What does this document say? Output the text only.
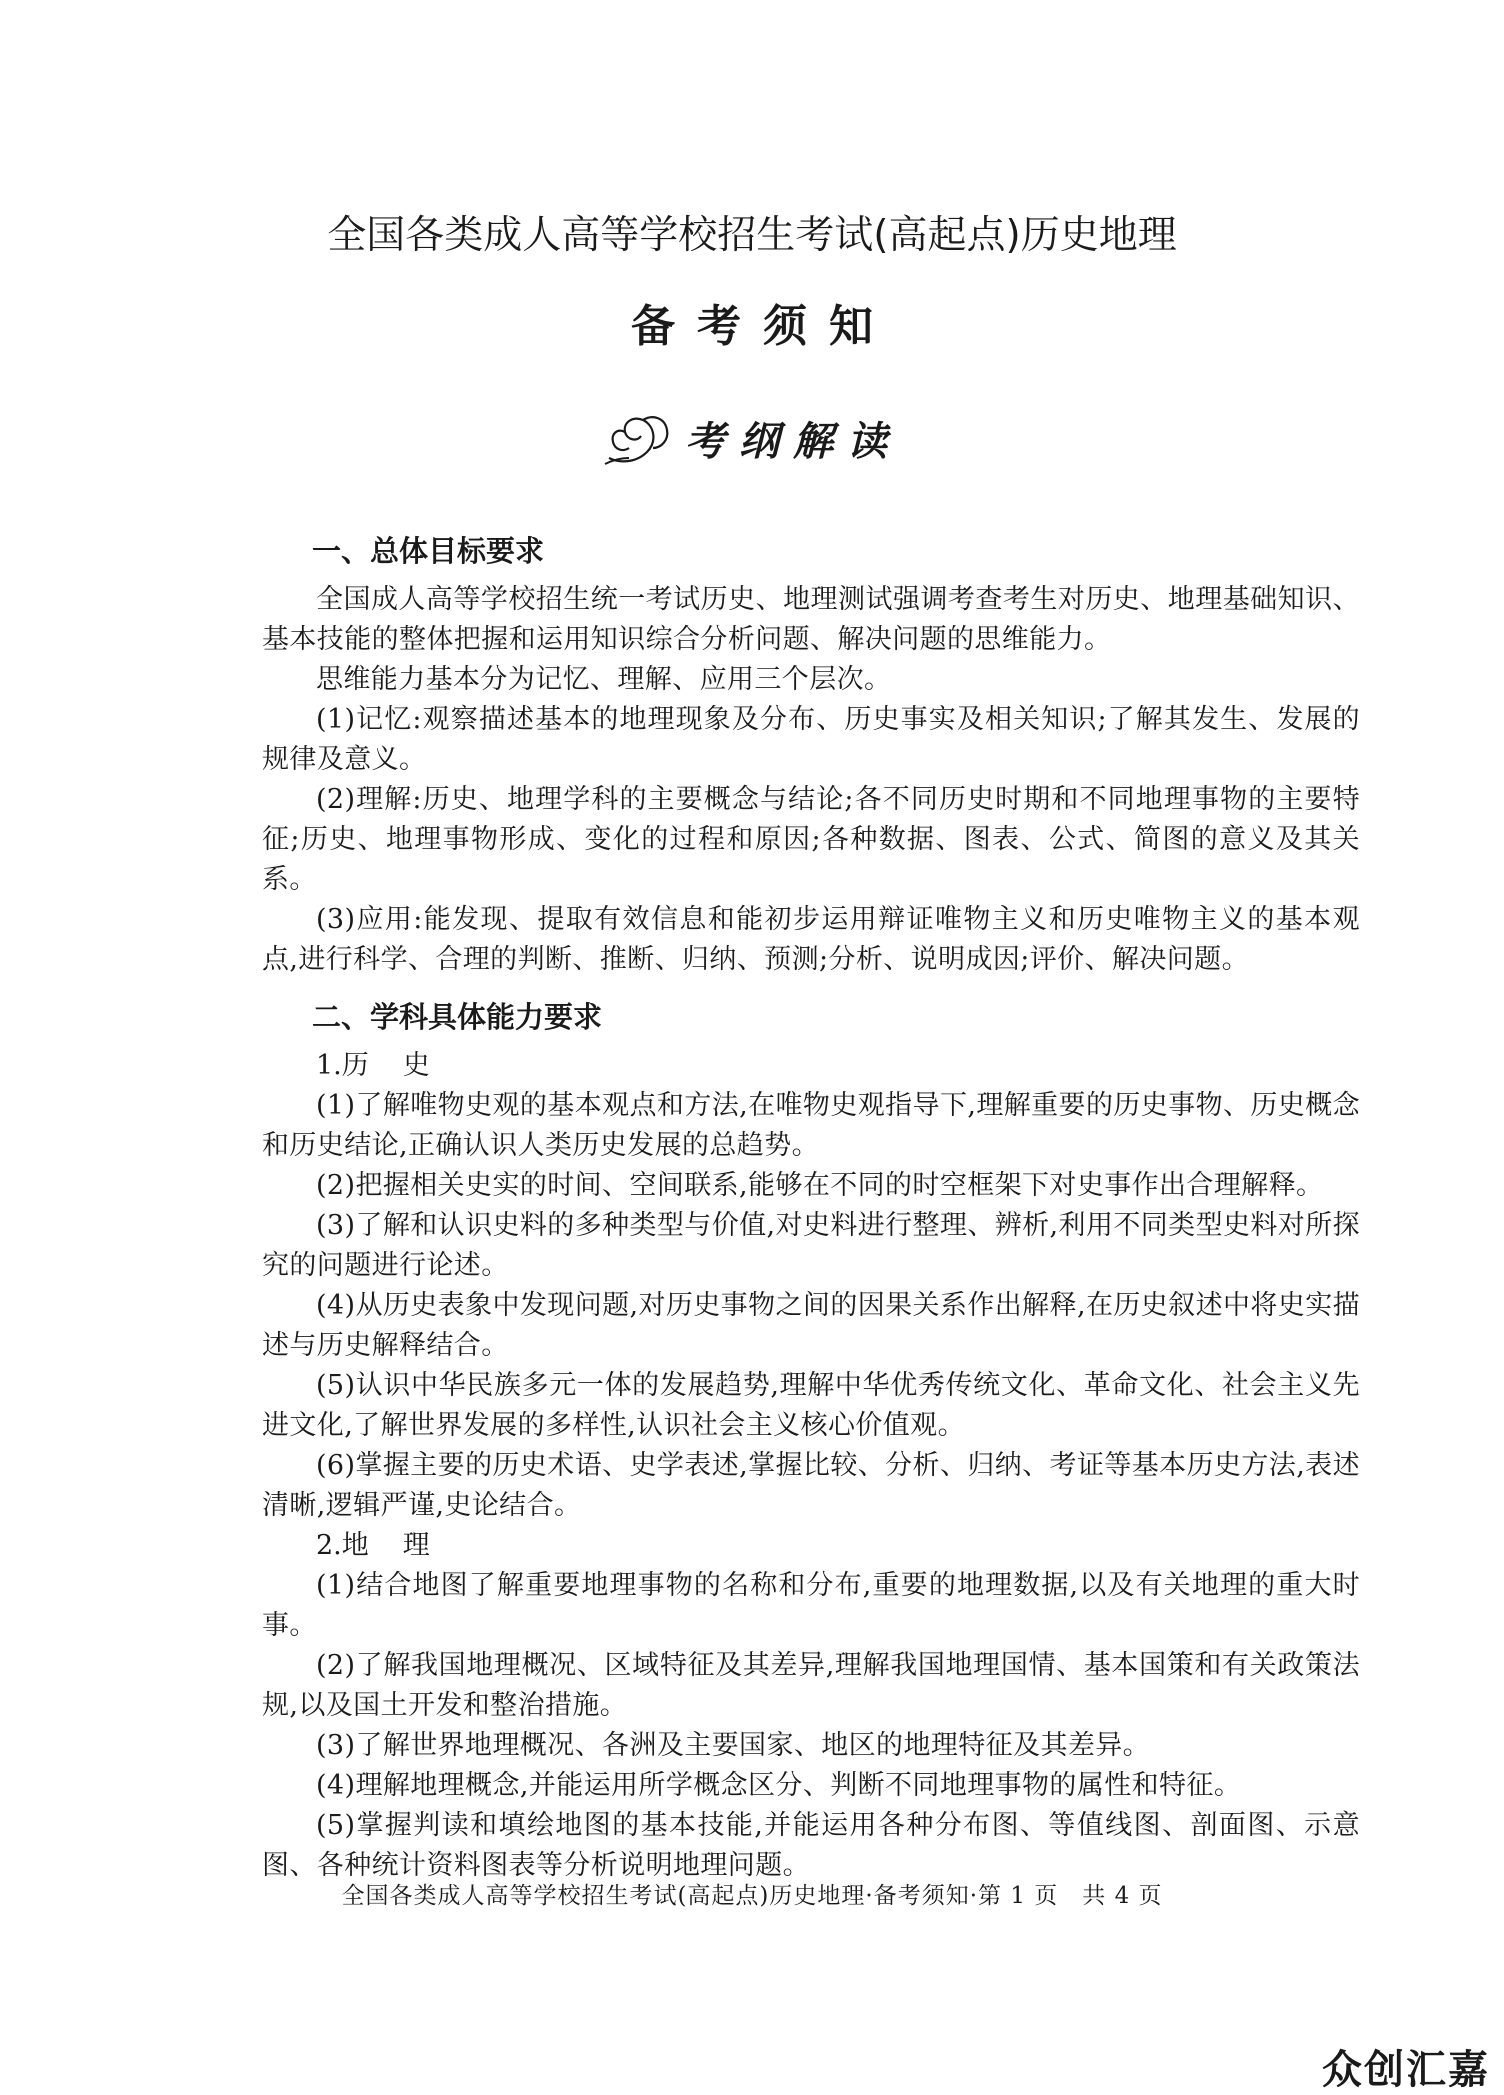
全国各类成人高等学校招生考试(高起点)历史地理
备考须知
考纲解读
一、总体目标要求

全国成人高等学校招生统一考试历史、地理测试强调考查考生对历史、地理基础知识、基本技能的整体把握和运用知识综合分析问题、解决问题的思维能力。

思维能力基本分为记忆、理解、应用三个层次。

(1)记忆:观察描述基本的地理现象及分布、历史事实及相关知识;了解其发生、发展的规律及意义。

(2)理解:历史、地理学科的主要概念与结论;各不同历史时期和不同地理事物的主要特征;历史、地理事物形成、变化的过程和原因;各种数据、图表、公式、简图的意义及其关系。

(3)应用:能发现、提取有效信息和能初步运用辩证唯物主义和历史唯物主义的基本观点,进行科学、合理的判断、推断、归纳、预测;分析、说明成因;评价、解决问题。

二、学科具体能力要求
1.历 史

(1)了解唯物史观的基本观点和方法,在唯物史观指导下,理解重要的历史事物、历史概念和历史结论,正确认识人类历史发展的总趋势。

(2)把握相关史实的时间、空间联系,能够在不同的时空框架下对史事作出合理解释。

(3)了解和认识史料的多种类型与价值,对史料进行整理、辨析,利用不同类型史料对所探究的问题进行论述。

(4)从历史表象中发现问题,对历史事物之间的因果关系作出解释,在历史叙述中将史实描述与历史解释结合。

(5)认识中华民族多元一体的发展趋势,理解中华优秀传统文化、革命文化、社会主义先进文化,了解世界发展的多样性,认识社会主义核心价值观。

(6)掌握主要的历史术语、史学表述,掌握比较、分析、归纳、考证等基本历史方法,表述清晰,逻辑严谨,史论结合。

2.地 理

(1)结合地图了解重要地理事物的名称和分布,重要的地理数据,以及有关地理的重大时事。

(2)了解我国地理概况、区域特征及其差异,理解我国地理国情、基本国策和有关政策法规,以及国土开发和整治措施。

(3)了解世界地理概况、各洲及主要国家、地区的地理特征及其差异。

(4)理解地理概念,并能运用所学概念区分、判断不同地理事物的属性和特征。

(5)掌握判读和填绘地图的基本技能,并能运用各种分布图、等值线图、剖面图、示意图、各种统计资料图表等分析说明地理问题。

全国各类成人高等学校招生考试(高起点)历史地理·备考须知·第 1 页 共 4 页
众创汇嘉
